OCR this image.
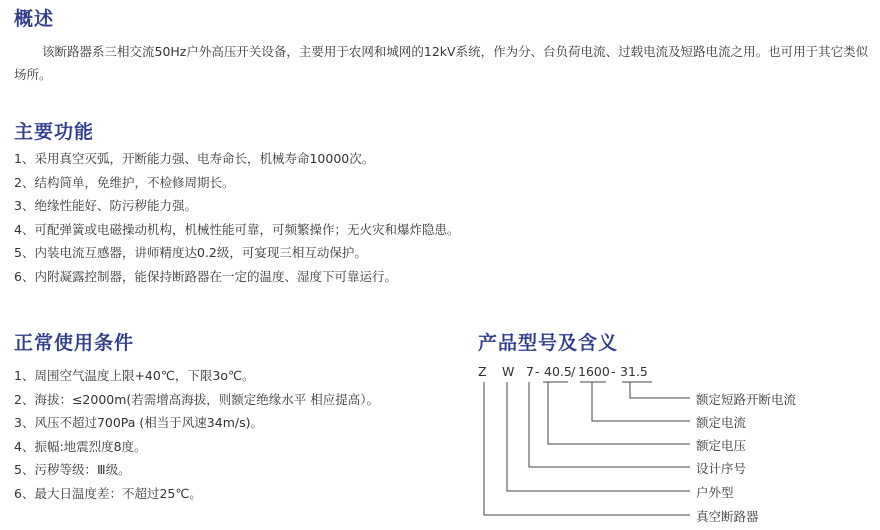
概述

该断路器系三相交流50Hz户外高压开关设备，主要用于农网和城网的12kV系统，作为分、台负荷电流、过载电流及短路电流之用。也可用于其它类似场所。

主要功能
1、采用真空灭弧，开断能力强、电寿命长，机械寿命10000次。
2、结构简单，免维护，不检修周期长。
3、绝缘性能好、防污秽能力强。
4、可配弹簧或电磁操动机构，机械性能可靠，可频繁操作；无火灾和爆炸隐患。
5、内装电流互感器，讲师精度达0.2级，可宴现三相互动保护。
6、内附凝露控制器，能保持断路器在一定的温度、湿度下可靠运行。
正常使用条件
1、周围空气温度上限+40℃，下限3o℃。
2、海拔：≤2000m(若需增高海拔，则额定绝缘水平 相应提高）。
3、风压不超过700Pa (相当于风速34m/s)。
4、振幅:地震烈度8度。
5、污秽等级：Ⅲ级。
6、最大日温度差：不超过25℃。
产品型号及含义
Z W 7 - 40.5 / 1600 - 31.5
额定短路开断电流
额定电流
额定电压
设计序号
户外型
真空断路器
